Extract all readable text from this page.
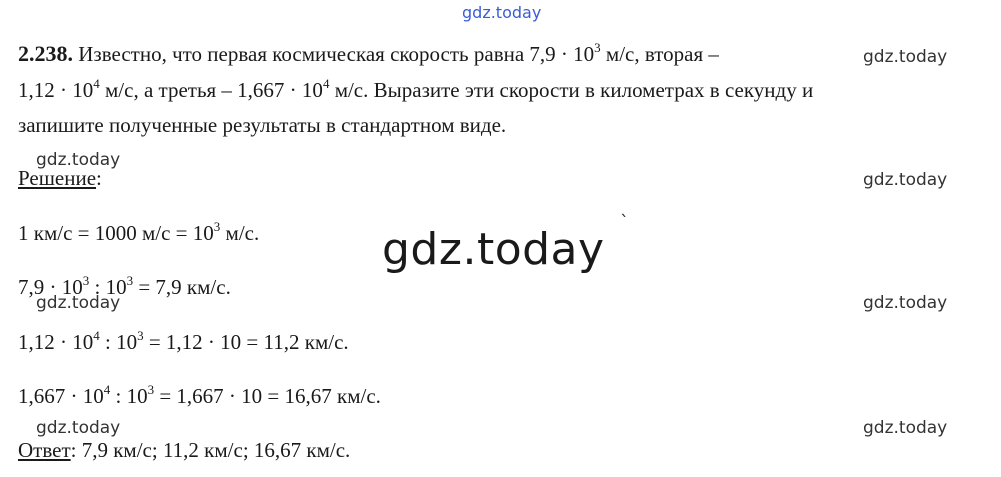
gdz.today
2.238. Известно, что первая космическая скорость равна $7,9 \cdot 10^3$ м/с, вторая –	gdz.today
$1,12 \cdot 10^4$ м/с, а третья – $1,667 \cdot 10^4$ м/с. Выразите эти скорости в километрах в секунду и
запишите полученные результаты в стандартном виде.
gdz.today
Решение:	gdz.today
1 км/с = 1000 $м/с = 10^3$ м/с.	gdz.today
`
$7,9 \cdot 10^3$ : $10^3 = 7,9$ км/с.
gdz.today	gdz.today
$1,12 \cdot 10^4$ : $10^3 = 1,12 \cdot 10 = 11,2$ км/с.
$1,667 \cdot 10^4$ : $10^3 = 1,667 \cdot 10 = 16,67$ км/с.
gdz.today	gdz.today
Ответ: 7,9 км/с; 11,2 км/с; 16,67 км/с.
